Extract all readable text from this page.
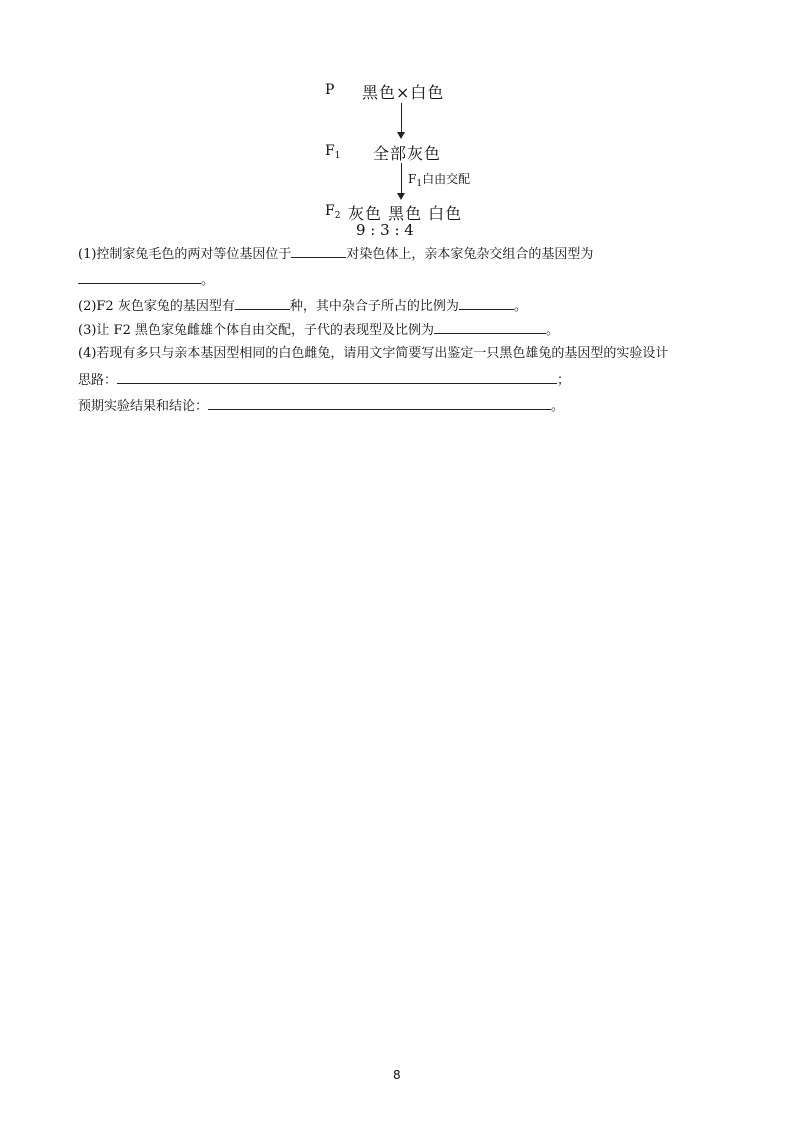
P 黑色×白色
$F_1$ 全部灰色
$F_1$白由交配
$F_2$ 灰色 黑色 白色
9 : 3 : 4
(1)控制家兔毛色的两对等位基因位于	对染色体上，亲本家兔杂交组合的基因型为
。
(2)F2 灰色家兔的基因型有	种，其中杂合子所占的比例为	。
(3)让 F2 黑色家兔雌雄个体自由交配，子代的表现型及比例为	。
(4)若现有多只与亲本基因型相同的白色雌兔，请用文字简要写出鉴定一只黑色雄兔的基因型的实验设计
思路：	；
预期实验结果和结论：	。
8
